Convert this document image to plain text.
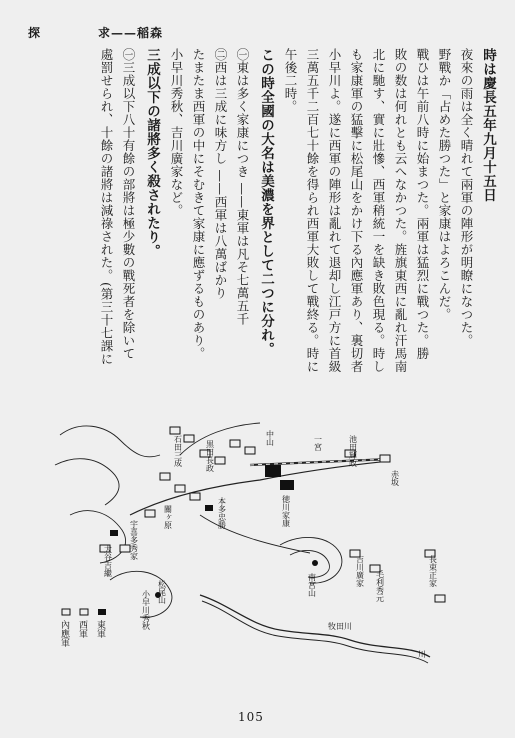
探	求——稲森
時は慶長五年九月十五日
夜來の雨は全く晴れて兩軍の陣形が明瞭になつた。
野戰か「占めた勝つた」と家康はよろこんだ。
戰ひは午前八時に始まつた。兩軍は猛烈に戰つた。勝
敗の数は何れとも云へなかつた。旌旗東西に亂れ汗馬南
北に馳す、實に壯慘、西軍稍統一を缺き敗色現る。時し
も家康軍の猛擊に松尾山をかけ下る內應軍あり、裏切者
小早川よ。遂に西軍の陣形は亂れて退却し江戸方に首級
三萬五千二百七十餘を得られ西軍大敗して戰終る。時に
午後二時。
この時全國の大名は美濃を界として二つに分れ。
㊀東は多く家康につき ——東軍は凡そ七萬五千
㊁西は三成に味方し ——西軍は八萬ばかり
たまたま西軍の中にそむきて家康に應ずるものあり。
小早川秀秋、吉川廣家など。
三成以下の諸將多く殺されたり。
㊀三成以下八十有餘の部將は極少數の戰死者を除いて
處罰せられ、十餘の諸將は減祿された。(第三十七課に
關ヶ原
南宮山
松尾山
長束正家
吉川廣家 毛利秀元
池田輝政
黒田長政
石田三成
宇喜多秀家
大谷吉繼
小早川秀秋
徳川家康
本多忠勝
赤坂
一宮
中山
牧田川
川
東軍
西軍
內應軍
105
